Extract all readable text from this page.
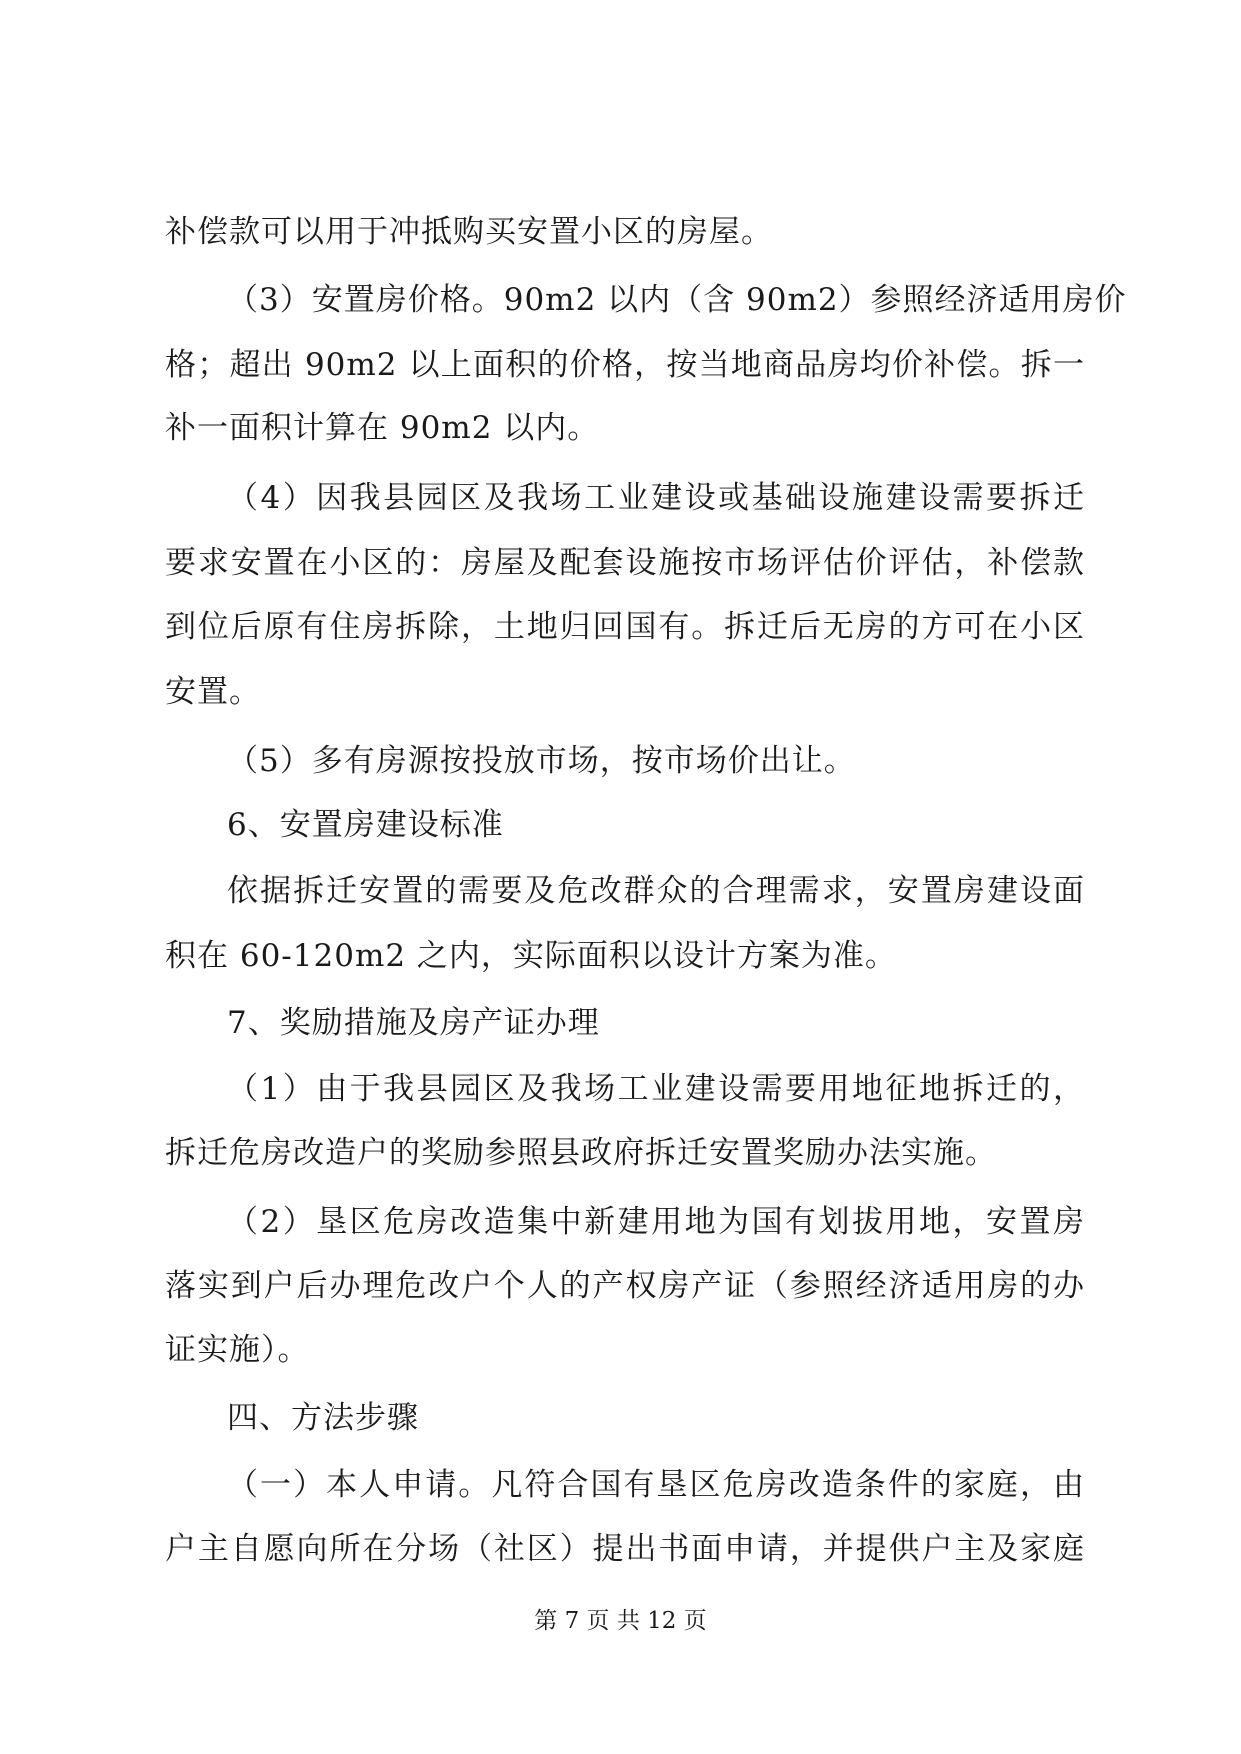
补偿款可以用于冲抵购买安置小区的房屋。
（3）安置房价格。90m2 以内（含 90m2）参照经济适用房价
格；超出 90m2 以上面积的价格，按当地商品房均价补偿。拆一
补一面积计算在 90m2 以内。
（4）因我县园区及我场工业建设或基础设施建设需要拆迁
要求安置在小区的：房屋及配套设施按市场评估价评估，补偿款
到位后原有住房拆除，土地归回国有。拆迁后无房的方可在小区
安置。
（5）多有房源按投放市场，按市场价出让。
6、安置房建设标准
依据拆迁安置的需要及危改群众的合理需求，安置房建设面
积在 60-120m2 之内，实际面积以设计方案为准。
7、奖励措施及房产证办理
（1）由于我县园区及我场工业建设需要用地征地拆迁的，
拆迁危房改造户的奖励参照县政府拆迁安置奖励办法实施。
（2）垦区危房改造集中新建用地为国有划拔用地，安置房
落实到户后办理危改户个人的产权房产证（参照经济适用房的办
证实施）。
四、方法步骤
（一）本人申请。凡符合国有垦区危房改造条件的家庭，由
户主自愿向所在分场（社区）提出书面申请，并提供户主及家庭
第 7 页 共 12 页
